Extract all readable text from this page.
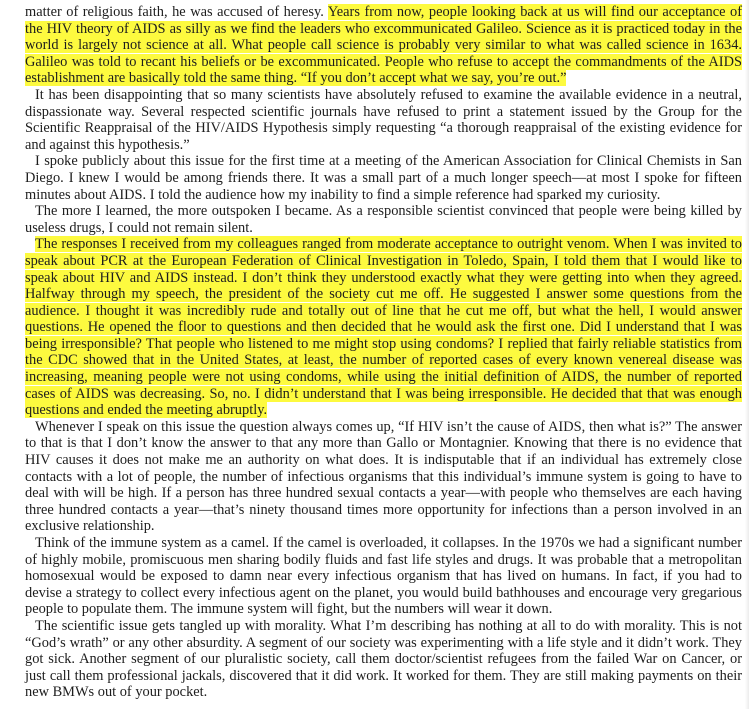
matter of religious faith, he was accused of heresy. Years from now, people looking back at us will find our acceptance of the HIV theory of AIDS as silly as we find the leaders who excommunicated Galileo. Science as it is practiced today in the world is largely not science at all. What people call science is probably very similar to what was called science in 1634. Galileo was told to recant his beliefs or be excommunicated. People who refuse to accept the commandments of the AIDS establishment are basically told the same thing. “If you don’t accept what we say, you’re out.”

It has been disappointing that so many scientists have absolutely refused to examine the available evidence in a neutral, dispassionate way. Several respected scientific journals have refused to print a statement issued by the Group for the Scientific Reappraisal of the HIV/AIDS Hypothesis simply requesting “a thorough reappraisal of the existing evidence for and against this hypothesis.”

I spoke publicly about this issue for the first time at a meeting of the American Association for Clinical Chemists in San Diego. I knew I would be among friends there. It was a small part of a much longer speech—at most I spoke for fifteen minutes about AIDS. I told the audience how my inability to find a simple reference had sparked my curiosity.

The more I learned, the more outspoken I became. As a responsible scientist convinced that people were being killed by useless drugs, I could not remain silent.

The responses I received from my colleagues ranged from moderate acceptance to outright venom. When I was invited to speak about PCR at the European Federation of Clinical Investigation in Toledo, Spain, I told them that I would like to speak about HIV and AIDS instead. I don’t think they understood exactly what they were getting into when they agreed. Halfway through my speech, the president of the society cut me off. He suggested I answer some questions from the audience. I thought it was incredibly rude and totally out of line that he cut me off, but what the hell, I would answer questions. He opened the floor to questions and then decided that he would ask the first one. Did I understand that I was being irresponsible? That people who listened to me might stop using condoms? I replied that fairly reliable statistics from the CDC showed that in the United States, at least, the number of reported cases of every known venereal disease was increasing, meaning people were not using condoms, while using the initial definition of AIDS, the number of reported cases of AIDS was decreasing. So, no. I didn’t understand that I was being irresponsible. He decided that that was enough questions and ended the meeting abruptly.

Whenever I speak on this issue the question always comes up, “If HIV isn’t the cause of AIDS, then what is?” The answer to that is that I don’t know the answer to that any more than Gallo or Montagnier. Knowing that there is no evidence that HIV causes it does not make me an authority on what does. It is indisputable that if an individual has extremely close contacts with a lot of people, the number of infectious organisms that this individual’s immune system is going to have to deal with will be high. If a person has three hundred sexual contacts a year—with people who themselves are each having three hundred contacts a year—that’s ninety thousand times more opportunity for infections than a person involved in an exclusive relationship.

Think of the immune system as a camel. If the camel is overloaded, it collapses. In the 1970s we had a significant number of highly mobile, promiscuous men sharing bodily fluids and fast life styles and drugs. It was probable that a metropolitan homosexual would be exposed to damn near every infectious organism that has lived on humans. In fact, if you had to devise a strategy to collect every infectious agent on the planet, you would build bathhouses and encourage very gregarious people to populate them. The immune system will fight, but the numbers will wear it down.

The scientific issue gets tangled up with morality. What I’m describing has nothing at all to do with morality. This is not “God’s wrath” or any other absurdity. A segment of our society was experimenting with a life style and it didn’t work. They got sick. Another segment of our pluralistic society, call them doctor/scientist refugees from the failed War on Cancer, or just call them professional jackals, discovered that it did work. It worked for them. They are still making payments on their new BMWs out of your pocket.
